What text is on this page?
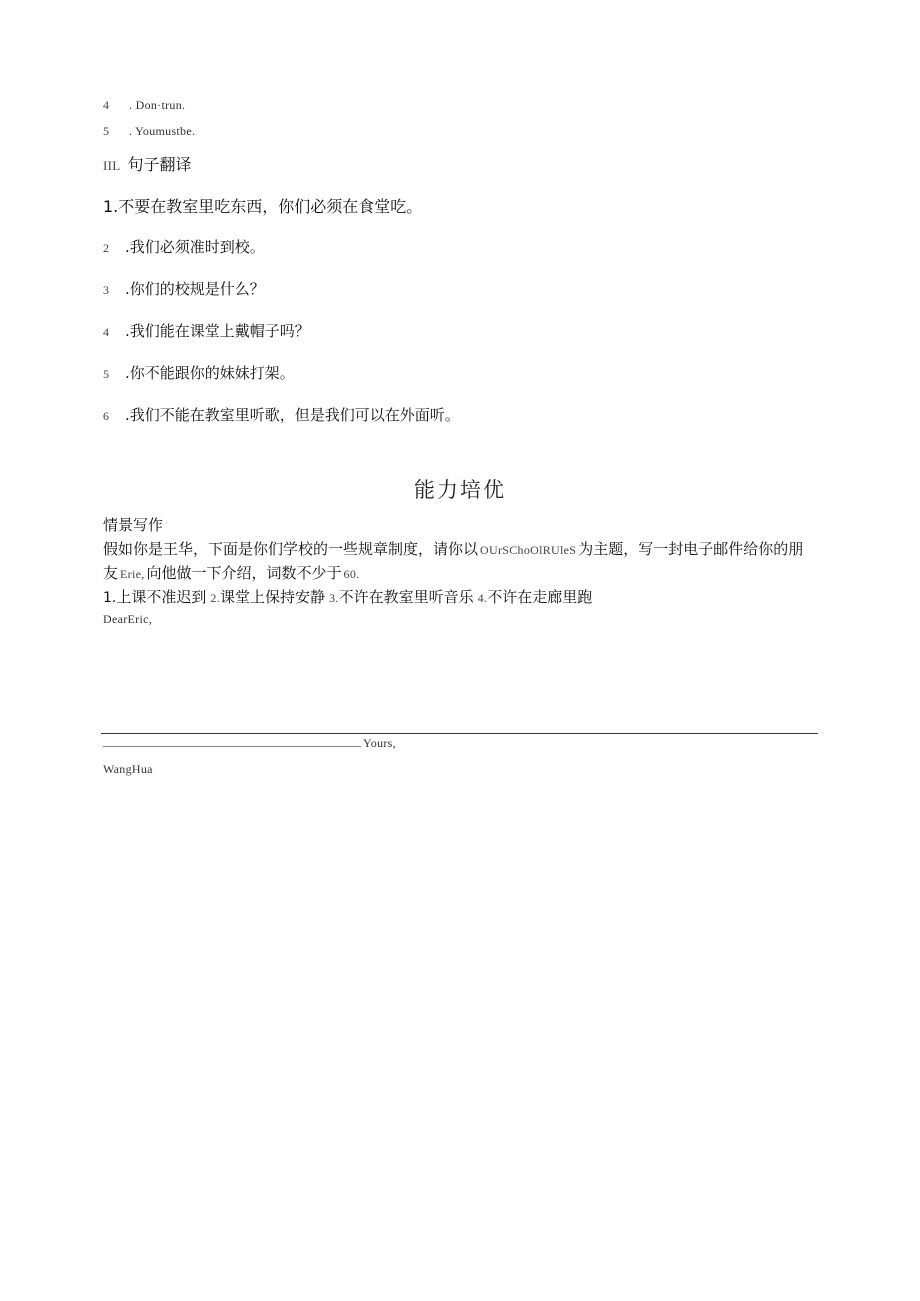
4 . Don·trun.
5 . Youmustbe.
IIL 句子翻译
1.不要在教室里吃东西，你们必须在食堂吃。
2 .我们必须准时到校。
3 .你们的校规是什么？
4 .我们能在课堂上戴帽子吗？
5 .你不能跟你的妹妹打架。
6 .我们不能在教室里听歌，但是我们可以在外面听。
能力培优
情景写作
假如你是王华，下面是你们学校的一些规章制度，请你以 OUrSChoOlRUleS 为主题，写一封电子邮件给你的朋
友 Erie, 向他做一下介绍，词数不少于 60.
1.上课不准迟到 2.课堂上保持安静 3.不许在教室里听音乐 4.不许在走廊里跑
DearEric,
Yours,
WangHua
